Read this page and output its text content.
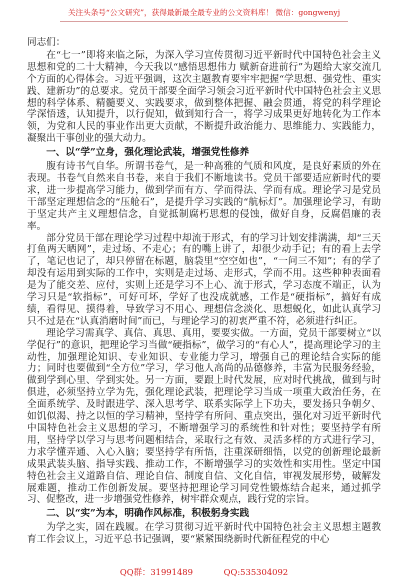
关注头条号“公文研究”，获得最新最全最专业的公文资料库！ 微信：gongwenyj

同志们：

在“七一”即将来临之际，为深入学习宣传贯彻习近平新时代中国特色社会主义思想和党的二十大精神，今天我以“感悟思想伟力 赋新奋进前行”为题给大家交流几个方面的心得体会。习近平强调，这次主题教育要牢牢把握“学思想、强党性、重实践、建新功”的总要求。党员干部要全面学习领会习近平新时代中国特色社会主义思想的科学体系、精髓要义、实践要求，做到整体把握、融会贯通，将党的科学理论学深悟透，认知提升，以行促知，做到知行合一，将学习成果更好地转化为工作本领，为党和人民的事业作出更大贡献，不断提升政治能力、思维能力、实践能力，凝聚出干事创业的强大动力。

一、以“学”立身，强化理论武装，增强党性修养

腹有诗书气自华。所谓书卷气，是一种高雅的气质和风度，是良好素质的外在表现。书卷气自然来自书卷，来自于我们不断地读书。党员干部要适应新时代的要求，进一步提高学习能力，做到学而有方、学而得法、学而有成。理论学习是党员干部坚定理想信念的“压舱石”，是提升学习实践的“航标灯”。加强理论学习，有助于坚定共产主义理想信念，自觉抵制腐朽思想的侵蚀，做好自身，反腐倡廉的表率。

部分党员干部在理论学习过程中却流于形式，有的学习计划安排满满，却“三天打鱼两天晒网”，走过场、不走心；有的嘴上讲了，却很少动手记；有的看上去学了，笔记也记了，却只停留在标题，脑袋里“空空如也”，“一问三不知”；有的学了却没有运用到实际的工作中，实则是走过场、走形式，学而不用。这些种种表面看是为了能交差、应付，实则上还是学习不上心、流于形式，学习态度不端正，认为学习只是“软指标”，可好可坏，学好了也没成就感，工作是“硬指标”，搞好有成绩，看得见、摸得着，导致学习不用心、理想信念淡化、思想蜕化，如此认真学习只不过是在“认真消磨时间”而已，与理论学习的初衷严重不符，必须进行纠正。

理论学习需真学、真信、真思、真用，要要实做。一方面，党员干部要树立“以学促行”的意识，把理论学习当做“硬指标”，做学习的“有心人”，提高理论学习的主动性，加强理论知识、专业知识、专业能力学习，增强自己的理论结合实际的能力；同时也要做到“全方位”学习，学习他人高尚的品德修养，丰富为民服务经验，做到学到心里、学到实处。另一方面，要跟上时代发展，应对时代挑战，做到与时俱进，必须坚持立学为先，强化理论武装，把理论学习当成一项重大政治任务，在全面系统学、及时跟进学、深入思考学、联系实际学上下功夫，要发扬只争朝夕、如饥似渴、持之以恒的学习精神，坚持学有所问、重点突出，强化对习近平新时代中国特色社会主义思想的学习，不断增强学习的系统性和针对性；要坚持学有所用，坚持学以学习与思考问题相结合，采取行之有效、灵活多样的方式进行学习，力求学懂弄通、入心入脑；要坚持学有所悟，注重深研细悟，以党的创新理论最新成果武装头脑、指导实践、推动工作，不断增强学习的实效性和实用性。坚定中国特色社会主义道路自信、理论自信、制度自信、文化自信，审视发展形势，破解发展难题，推动工作创新发展。要坚持把理论学习同党性锻炼结合起来，通过抓学习、促整改，进一步增强党性修养，树牢群众观点，践行党的宗旨。

二、以“实”为本，明确作风标准，积极躬身实践

为学之实，固在践履。在学习贯彻习近平新时代中国特色社会主义思想主题教育工作会议上，习近平总书记强调，要“紧紧围绕新时代新征程党的中心

QQ群：31991489	QQ:535304092
